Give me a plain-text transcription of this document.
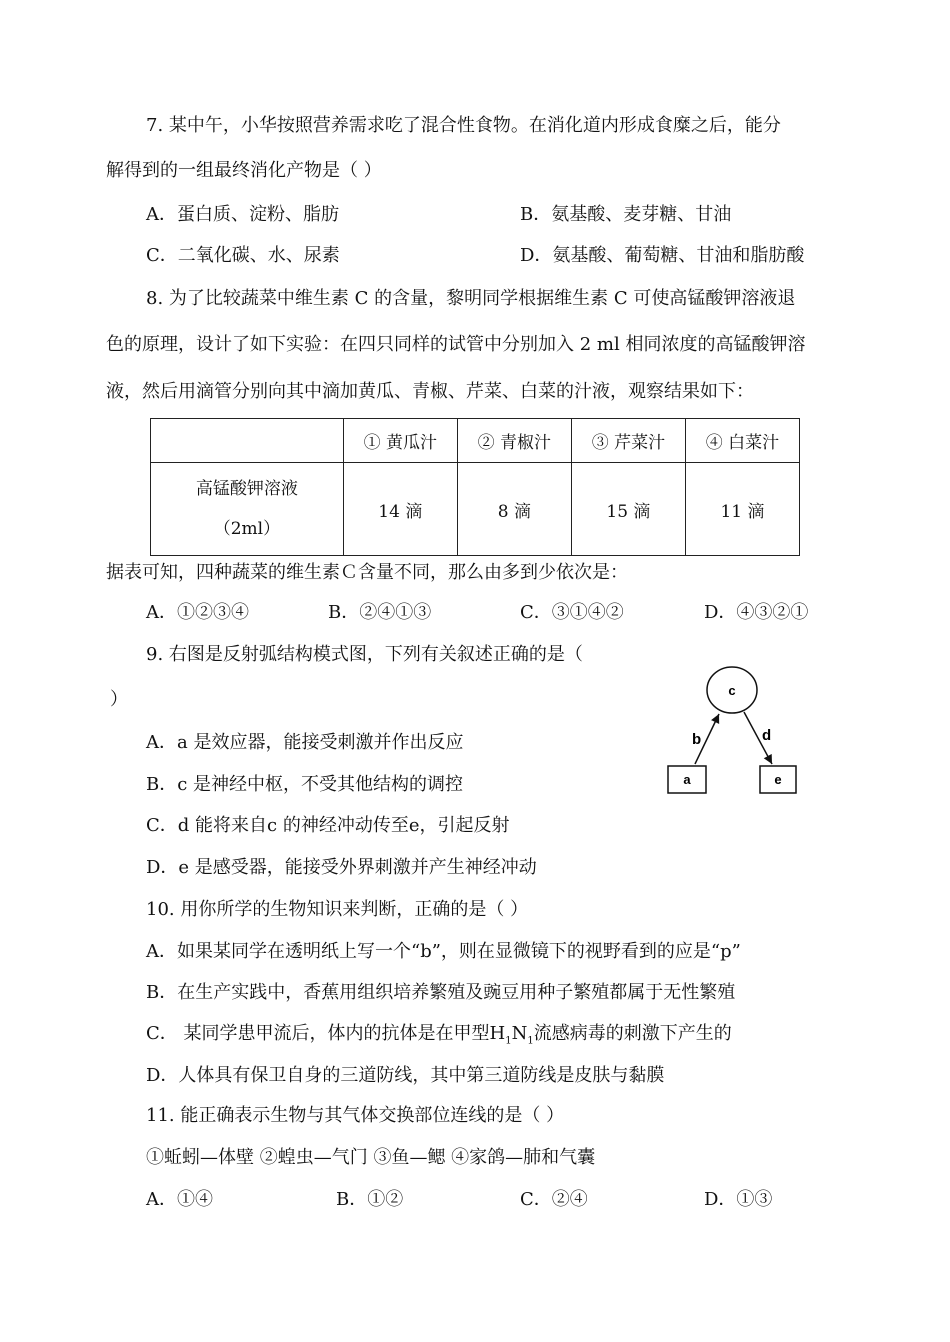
7. 某中午，小华按照营养需求吃了混合性食物。在消化道内形成食糜之后，能分
解得到的一组最终消化产物是（ ）
A．蛋白质、淀粉、脂肪	B．氨基酸、麦芽糖、甘油
C．二氧化碳、水、尿素	D．氨基酸、葡萄糖、甘油和脂肪酸
8. 为了比较蔬菜中维生素 C 的含量，黎明同学根据维生素 C 可使高锰酸钾溶液退
色的原理，设计了如下实验：在四只同样的试管中分别加入 2 ml 相同浓度的高锰酸钾溶
液，然后用滴管分别向其中滴加黄瓜、青椒、芹菜、白菜的汁液，观察结果如下：
	① 黄瓜汁	② 青椒汁	③ 芹菜汁	④ 白菜汁

高锰酸钾溶液
（2ml）	14 滴	8 滴	15 滴	11 滴
据表可知，四种蔬菜的维生素Ｃ含量不同，那么由多到少依次是：
A．①②③④	B．②④①③	C．③①④②	D．④③②①
9. 右图是反射弧结构模式图，下列有关叙述正确的是（
）
A．a 是效应器，能接受刺激并作出反应
B．c 是神经中枢，不受其他结构的调控
C．d 能将来自c 的神经冲动传至e，引起反射
D．e 是感受器，能接受外界刺激并产生神经冲动
c
b	d
a	e
10. 用你所学的生物知识来判断，正确的是（ ）
A．如果某同学在透明纸上写一个“b”，则在显微镜下的视野看到的应是“p”
B．在生产实践中，香蕉用组织培养繁殖及豌豆用种子繁殖都属于无性繁殖
C． 某同学患甲流后，体内的抗体是在甲型$H_1N_1$流感病毒的刺激下产生的
D．人体具有保卫自身的三道防线，其中第三道防线是皮肤与黏膜
11. 能正确表示生物与其气体交换部位连线的是（ ）
①蚯蚓—体壁 ②蝗虫—气门 ③鱼—鳃 ④家鸽—肺和气囊
A．①④	B．①②	C．②④	D．①③
